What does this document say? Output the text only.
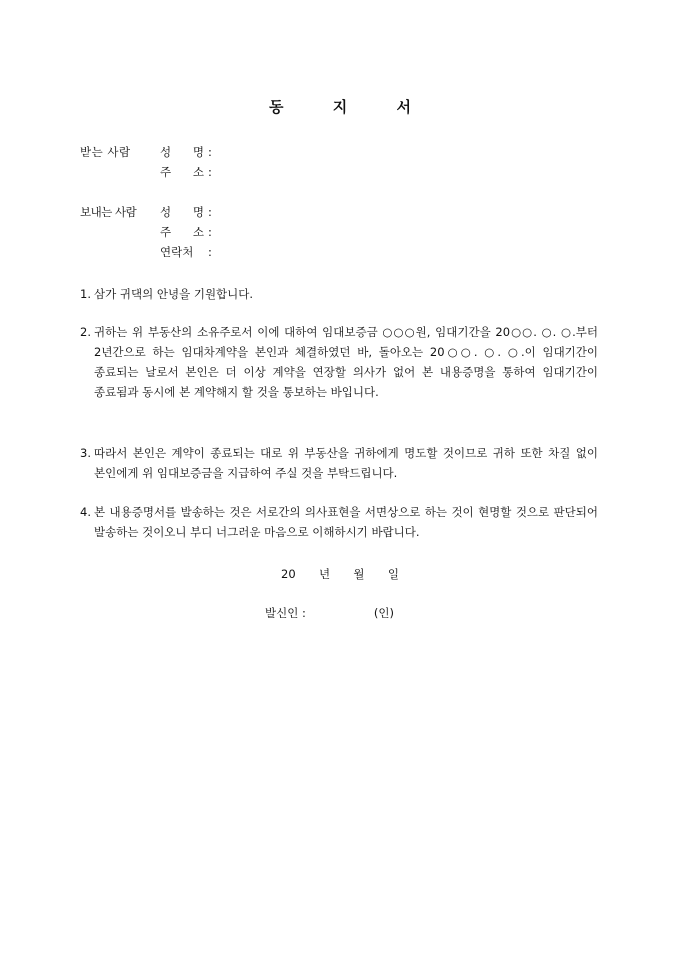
동 지 서
받는 사람	성 명 :
주 소 :
보내는 사람	성 명 :
주 소 :
연락처	:
1. 삼가 귀댁의 안녕을 기원합니다.
2. 귀하는 위 부동산의 소유주로서 이에 대하여 임대보증금 ○○○원, 임대기간을 20○○. ○. ○.부터 2년간으로 하는 임대차계약을 본인과 체결하였던 바, 돌아오는 20○○. ○. ○.이 임대기간이 종료되는 날로서 본인은 더 이상 계약을 연장할 의사가 없어 본 내용증명을 통하여 임대기간이 종료됨과 동시에 본 계약해지 할 것을 통보하는 바입니다.
3. 따라서 본인은 계약이 종료되는 대로 위 부동산을 귀하에게 명도할 것이므로 귀하 또한 차질 없이 본인에게 위 임대보증금을 지급하여 주실 것을 부탁드립니다.
4. 본 내용증명서를 발송하는 것은 서로간의 의사표현을 서면상으로 하는 것이 현명할 것으로 판단되어 발송하는 것이오니 부디 너그러운 마음으로 이해하시기 바랍니다.
20 년 월 일
발신인 :	(인)
